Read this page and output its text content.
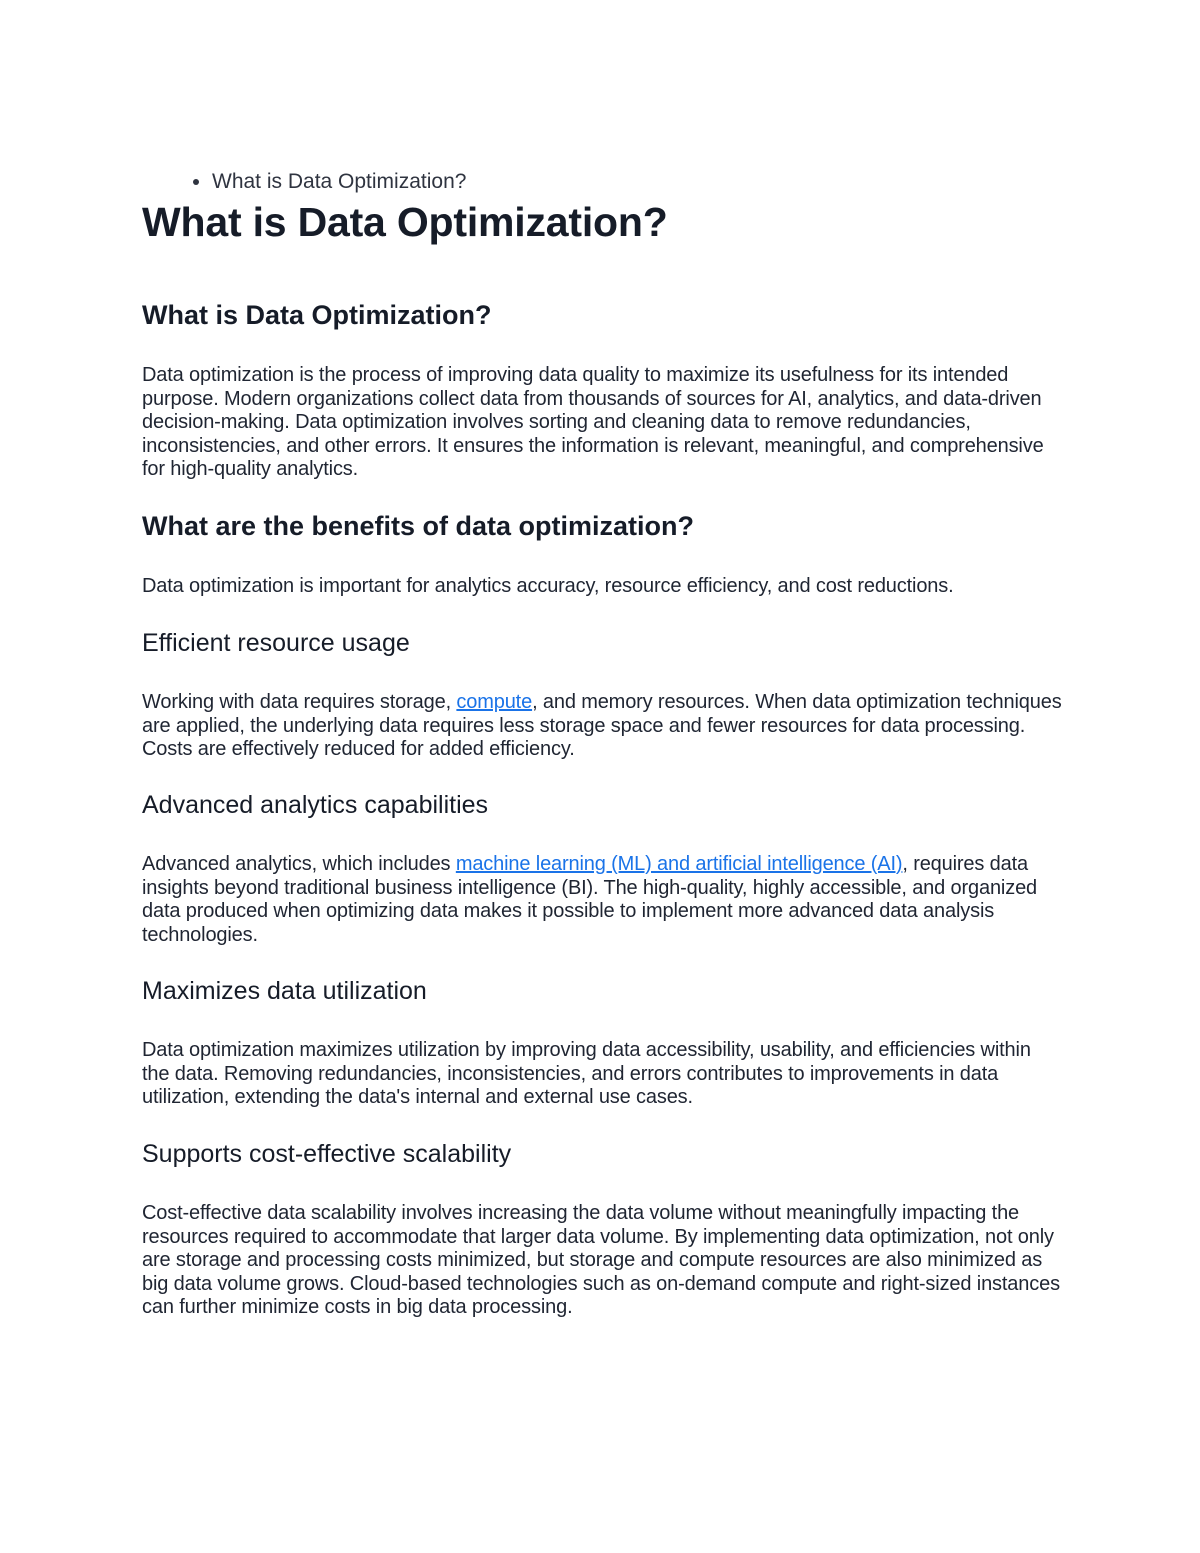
• What is Data Optimization?
What is Data Optimization?
What is Data Optimization?

Data optimization is the process of improving data quality to maximize its usefulness for its intended purpose. Modern organizations collect data from thousands of sources for AI, analytics, and data-driven decision-making. Data optimization involves sorting and cleaning data to remove redundancies, inconsistencies, and other errors. It ensures the information is relevant, meaningful, and comprehensive for high-quality analytics.

What are the benefits of data optimization?

Data optimization is important for analytics accuracy, resource efficiency, and cost reductions.

Efficient resource usage

Working with data requires storage, compute, and memory resources. When data optimization techniques are applied, the underlying data requires less storage space and fewer resources for data processing. Costs are effectively reduced for added efficiency.

Advanced analytics capabilities

Advanced analytics, which includes machine learning (ML) and artificial intelligence (AI), requires data insights beyond traditional business intelligence (BI). The high-quality, highly accessible, and organized data produced when optimizing data makes it possible to implement more advanced data analysis technologies.

Maximizes data utilization

Data optimization maximizes utilization by improving data accessibility, usability, and efficiencies within the data. Removing redundancies, inconsistencies, and errors contributes to improvements in data utilization, extending the data's internal and external use cases.

Supports cost-effective scalability

Cost-effective data scalability involves increasing the data volume without meaningfully impacting the resources required to accommodate that larger data volume. By implementing data optimization, not only are storage and processing costs minimized, but storage and compute resources are also minimized as big data volume grows. Cloud-based technologies such as on-demand compute and right-sized instances can further minimize costs in big data processing.
